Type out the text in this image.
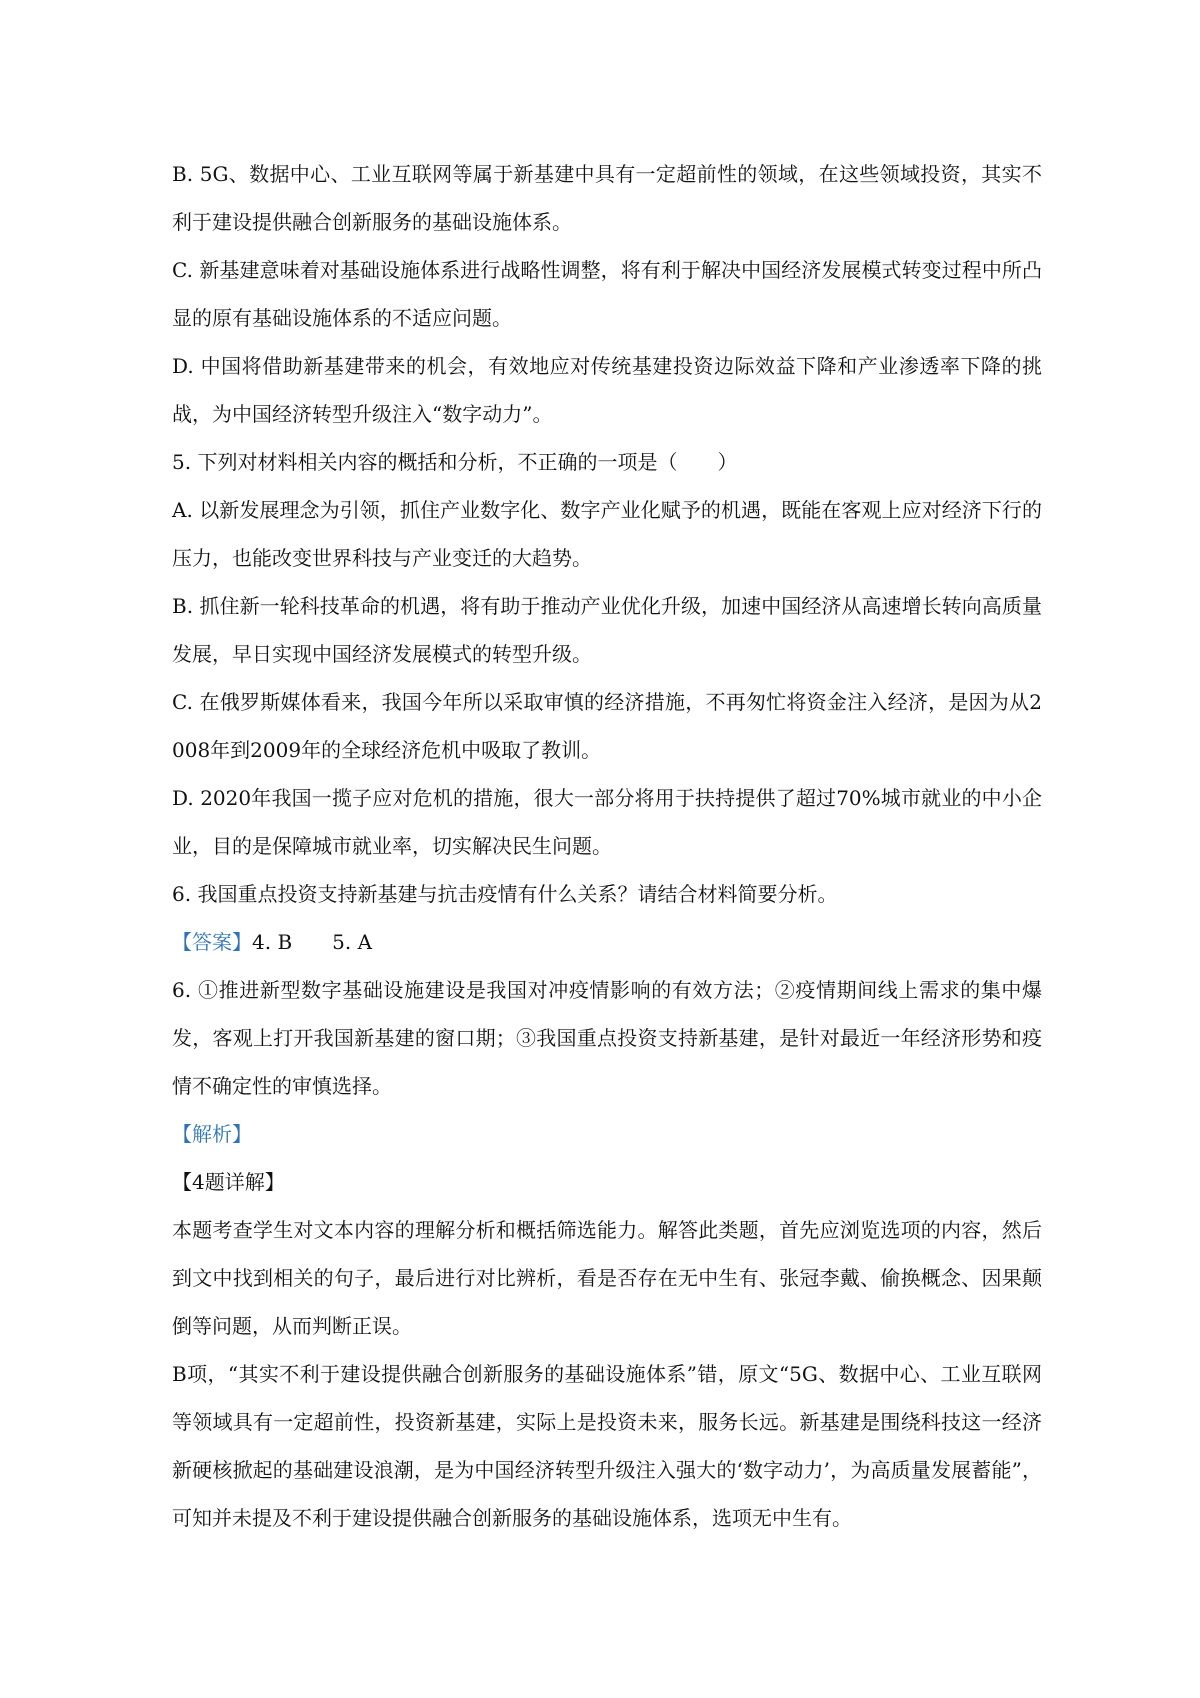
B. 5G、数据中心、工业互联网等属于新基建中具有一定超前性的领域，在这些领域投资，其实不利于建设提供融合创新服务的基础设施体系。

C. 新基建意味着对基础设施体系进行战略性调整，将有利于解决中国经济发展模式转变过程中所凸显的原有基础设施体系的不适应问题。

D. 中国将借助新基建带来的机会，有效地应对传统基建投资边际效益下降和产业渗透率下降的挑战，为中国经济转型升级注入“数字动力”。

5. 下列对材料相关内容的概括和分析，不正确的一项是（　　）

A. 以新发展理念为引领，抓住产业数字化、数字产业化赋予的机遇，既能在客观上应对经济下行的压力，也能改变世界科技与产业变迁的大趋势。

B. 抓住新一轮科技革命的机遇，将有助于推动产业优化升级，加速中国经济从高速增长转向高质量发展，早日实现中国经济发展模式的转型升级。

C. 在俄罗斯媒体看来，我国今年所以采取审慎的经济措施，不再匆忙将资金注入经济，是因为从2008年到2009年的全球经济危机中吸取了教训。

D. 2020年我国一揽子应对危机的措施，很大一部分将用于扶持提供了超过70%城市就业的中小企业，目的是保障城市就业率，切实解决民生问题。

6. 我国重点投资支持新基建与抗击疫情有什么关系？请结合材料简要分析。

【答案】4. B 5. A

6. ①推进新型数字基础设施建设是我国对冲疫情影响的有效方法；②疫情期间线上需求的集中爆发，客观上打开我国新基建的窗口期；③我国重点投资支持新基建，是针对最近一年经济形势和疫情不确定性的审慎选择。

【解析】

【4题详解】

本题考查学生对文本内容的理解分析和概括筛选能力。解答此类题，首先应浏览选项的内容，然后到文中找到相关的句子，最后进行对比辨析，看是否存在无中生有、张冠李戴、偷换概念、因果颠倒等问题，从而判断正误。

B项，“其实不利于建设提供融合创新服务的基础设施体系”错，原文“5G、数据中心、工业互联网等领域具有一定超前性，投资新基建，实际上是投资未来，服务长远。新基建是围绕科技这一经济新硬核掀起的基础建设浪潮，是为中国经济转型升级注入强大的‘数字动力’，为高质量发展蓄能”，可知并未提及不利于建设提供融合创新服务的基础设施体系，选项无中生有。
